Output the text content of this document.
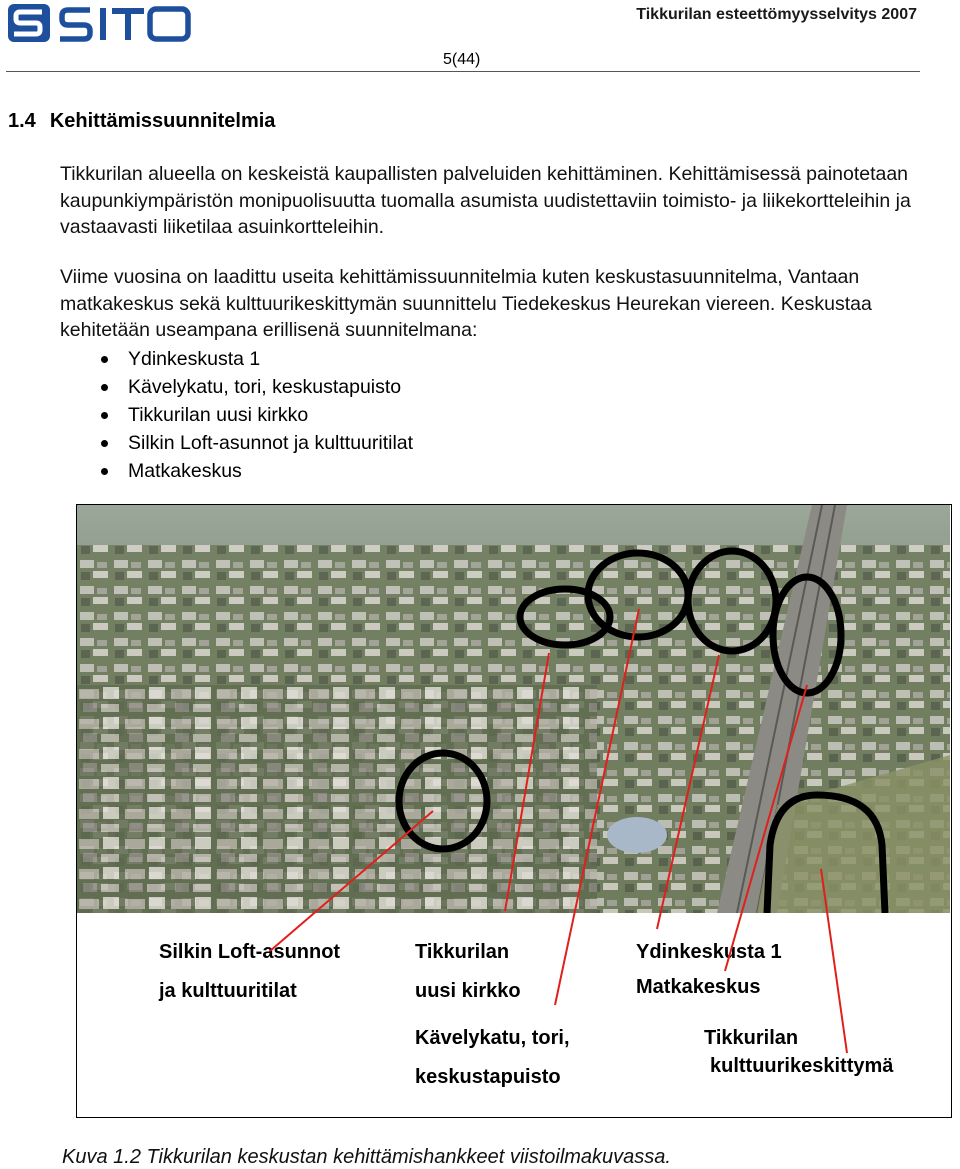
Tikkurilan esteettömyysselvitys 2007
5(44)
1.4 Kehittämissuunnitelmia
Tikkurilan alueella on keskeistä kaupallisten palveluiden kehittäminen. Kehittämisessä painotetaan kaupunkiympäristön monipuolisuutta tuomalla asumista uudistettaviin toimisto- ja liikekortteleihin ja vastaavasti liiketilaa asuinkortteleihin.
Viime vuosina on laadittu useita kehittämissuunnitelmia kuten keskustasuunnitelma, Vantaan matkakeskus sekä kulttuurikeskittymän suunnittelu Tiedekeskus Heurekan viereen. Keskustaa kehitetään useampana erillisenä suunnitelmana:
Ydinkeskusta 1
Kävelykatu, tori, keskustapuisto
Tikkurilan uusi kirkko
Silkin Loft-asunnot ja kulttuuritilat
Matkakeskus
Silkin Loft-asunnot
ja kulttuuritilat
Tikkurilan
uusi kirkko
Ydinkeskusta 1
Matkakeskus
Kävelykatu, tori,
keskustapuisto
Tikkurilan
kulttuurikeskittymä
Kuva 1.2 Tikkurilan keskustan kehittämishankkeet viistoilmakuvassa.
